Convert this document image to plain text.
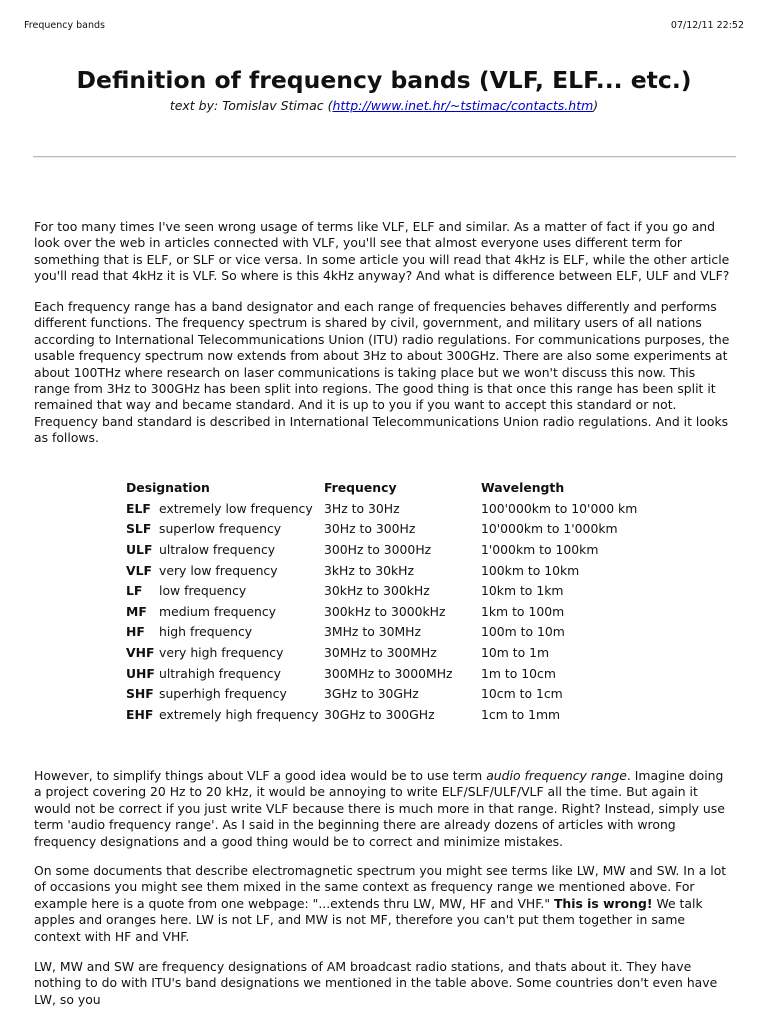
Frequency bands	07/12/11 22:52
Definition of frequency bands (VLF, ELF... etc.)
text by: Tomislav Stimac (http://www.inet.hr/~tstimac/contacts.htm)

For too many times I've seen wrong usage of terms like VLF, ELF and similar. As a matter of fact if you go and look over the web in articles connected with VLF, you'll see that almost everyone uses different term for something that is ELF, or SLF or vice versa. In some article you will read that 4kHz is ELF, while the other article you'll read that 4kHz it is VLF. So where is this 4kHz anyway? And what is difference between ELF, ULF and VLF?

Each frequency range has a band designator and each range of frequencies behaves differently and performs different functions. The frequency spectrum is shared by civil, government, and military users of all nations according to International Telecommunications Union (ITU) radio regulations. For communications purposes, the usable frequency spectrum now extends from about 3Hz to about 300GHz. There are also some experiments at about 100THz where research on laser communications is taking place but we won't discuss this now. This range from 3Hz to 300GHz has been split into regions. The good thing is that once this range has been split it remained that way and became standard. And it is up to you if you want to accept this standard or not. Frequency band standard is described in International Telecommunications Union radio regulations. And it looks as follows.

Designation	Frequency	Wavelength
ELF extremely low frequency	3Hz to 30Hz	100'000km to 10'000 km
SLF superlow frequency	30Hz to 300Hz	10'000km to 1'000km
ULF ultralow frequency	300Hz to 3000Hz	1'000km to 100km
VLF very low frequency	3kHz to 30kHz	100km to 10km
LF low frequency	30kHz to 300kHz	10km to 1km
MF medium frequency	300kHz to 3000kHz	1km to 100m
HF high frequency	3MHz to 30MHz	100m to 10m
VHF very high frequency	30MHz to 300MHz	10m to 1m
UHF ultrahigh frequency	300MHz to 3000MHz	1m to 10cm
SHF superhigh frequency	3GHz to 30GHz	10cm to 1cm
EHF extremely high frequency	30GHz to 300GHz	1cm to 1mm

However, to simplify things about VLF a good idea would be to use term audio frequency range. Imagine doing a project covering 20 Hz to 20 kHz, it would be annoying to write ELF/SLF/ULF/VLF all the time. But again it would not be correct if you just write VLF because there is much more in that range. Right? Instead, simply use term 'audio frequency range'. As I said in the beginning there are already dozens of articles with wrong frequency designations and a good thing would be to correct and minimize mistakes.

On some documents that describe electromagnetic spectrum you might see terms like LW, MW and SW. In a lot of occasions you might see them mixed in the same context as frequency range we mentioned above. For example here is a quote from one webpage: "...extends thru LW, MW, HF and VHF." This is wrong! We talk apples and oranges here. LW is not LF, and MW is not MF, therefore you can't put them together in same context with HF and VHF.

LW, MW and SW are frequency designations of AM broadcast radio stations, and thats about it. They have nothing to do with ITU's band designations we mentioned in the table above. Some countries don't even have LW, so you
